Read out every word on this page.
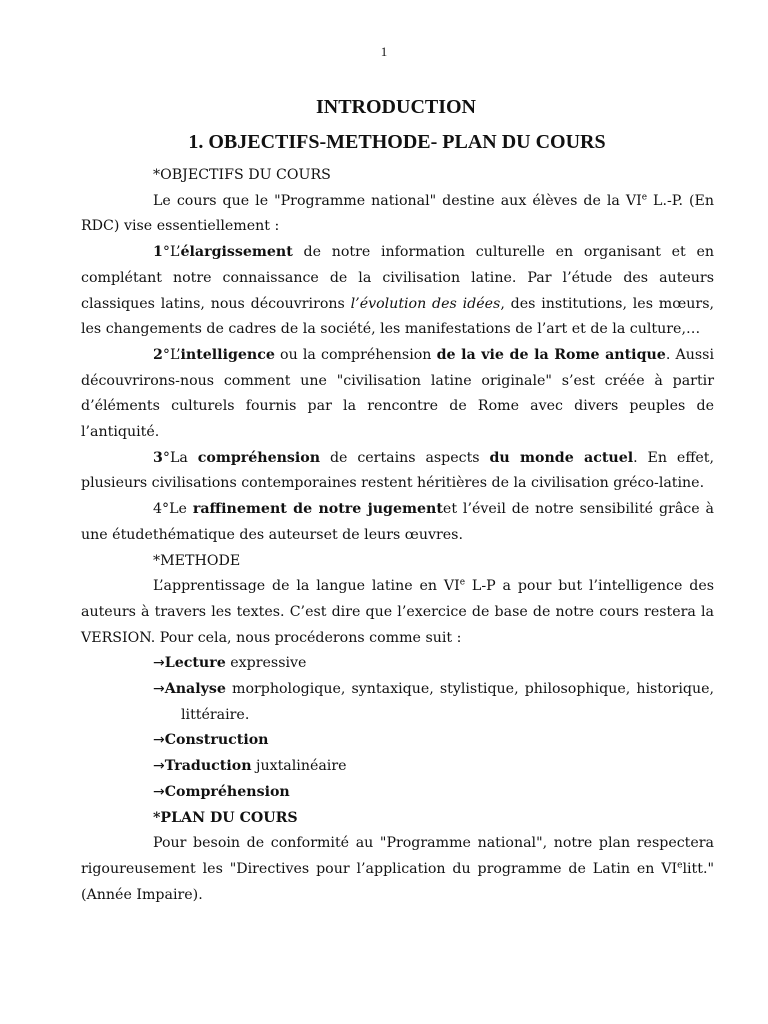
1
INTRODUCTION
1. OBJECTIFS-METHODE- PLAN DU COURS

*OBJECTIFS DU COURS

Le cours que le "Programme national" destine aux élèves de la VIe L.-P. (En RDC) vise essentiellement :

1°L’élargissement de notre information culturelle en organisant et en complétant notre connaissance de la civilisation latine. Par l’étude des auteurs classiques latins, nous découvrirons l’évolution des idées, des institutions, les mœurs, les changements de cadres de la société, les manifestations de l’art et de la culture,…

2°L’intelligence ou la compréhension de la vie de la Rome antique. Aussi découvrirons-nous comment une "civilisation latine originale" s’est créée à partir d’éléments culturels fournis par la rencontre de Rome avec divers peuples de l’antiquité.

3°La compréhension de certains aspects du monde actuel. En effet, plusieurs civilisations contemporaines restent héritières de la civilisation gréco-latine.

4°Le raffinement de notre jugementet l’éveil de notre sensibilité grâce à une étudethématique des auteurset de leurs œuvres.

*METHODE

L’apprentissage de la langue latine en VIe L-P a pour but l’intelligence des auteurs à travers les textes. C’est dire que l’exercice de base de notre cours restera la VERSION. Pour cela, nous procéderons comme suit :

→Lecture expressive
→Analyse morphologique, syntaxique, stylistique, philosophique, historique, littéraire.
→Construction
→Traduction juxtalinéaire
→Compréhension
*PLAN DU COURS

Pour besoin de conformité au "Programme national", notre plan respectera rigoureusement les "Directives pour l’application du programme de Latin en VIelitt." (Année Impaire).
